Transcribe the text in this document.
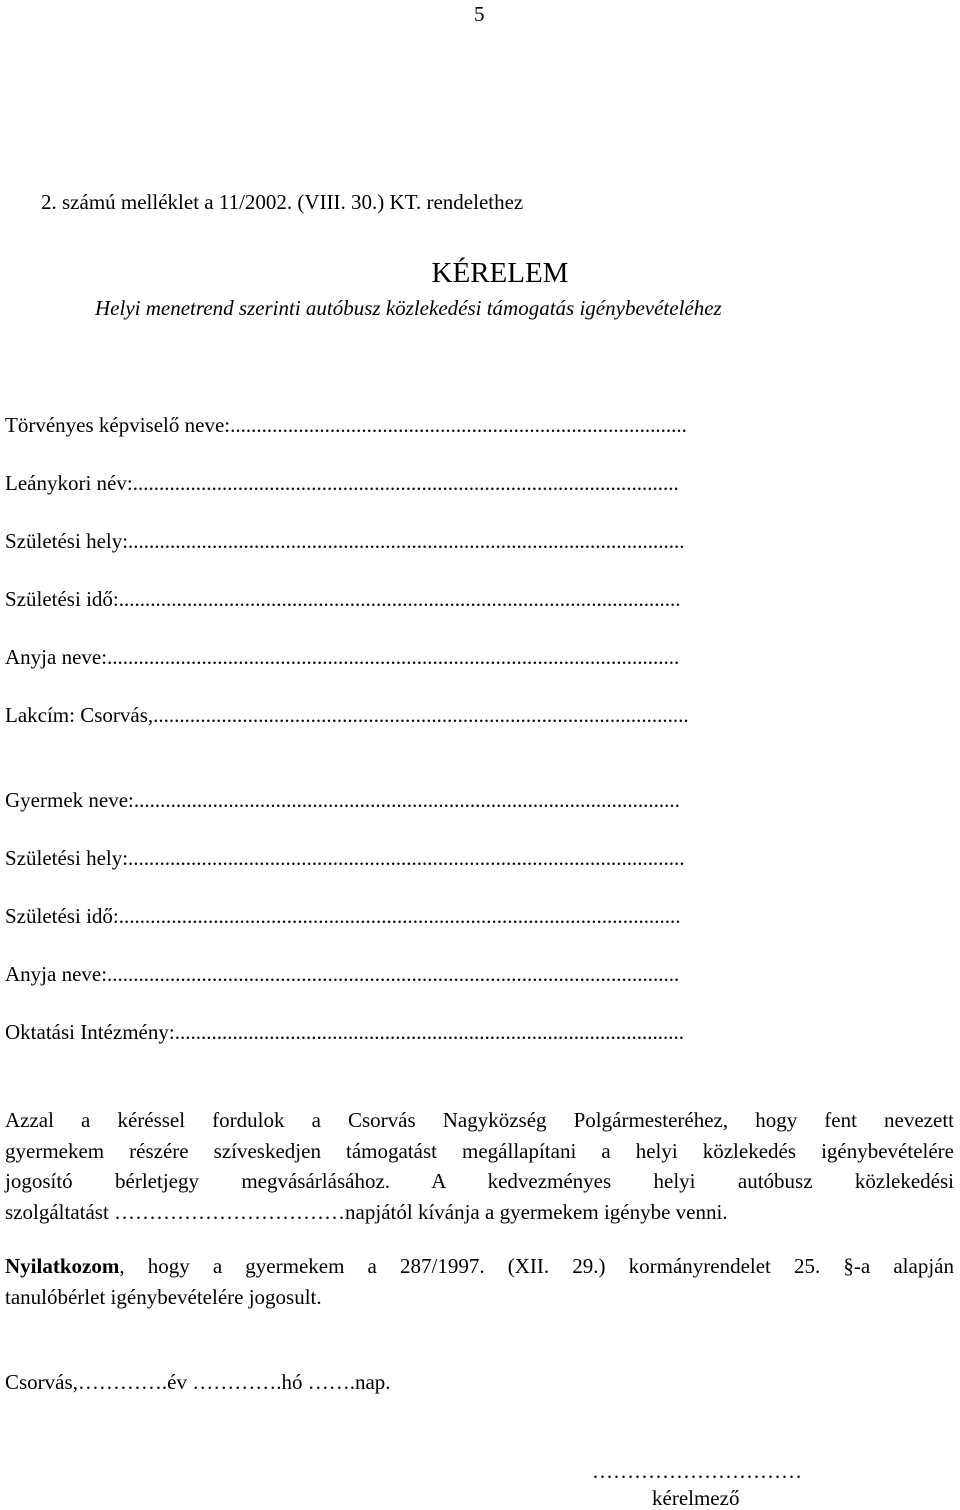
5
2. számú melléklet a 11/2002. (VIII. 30.) KT. rendelethez
KÉRELEM
Helyi menetrend szerinti autóbusz közlekedési támogatás igénybevételéhez
Törvényes képviselő neve:.......................................................................................
Leánykori név:........................................................................................................
Születési hely:..........................................................................................................
Születési idő:...........................................................................................................
Anyja neve:.............................................................................................................
Lakcím: Csorvás,......................................................................................................
Gyermek neve:........................................................................................................
Születési hely:..........................................................................................................
Születési idő:...........................................................................................................
Anyja neve:.............................................................................................................
Oktatási Intézmény:.................................................................................................
Azzal a kéréssel fordulok a Csorvás Nagyközség Polgármesteréhez, hogy fent nevezett
gyermekem részére szíveskedjen támogatást megállapítani a helyi közlekedés igénybevételére
jogosító bérletjegy megvásárlásához. A kedvezményes helyi autóbusz közlekedési
szolgáltatást ……………………………napjától kívánja a gyermekem igénybe venni.
Nyilatkozom, hogy a gyermekem a 287/1997. (XII. 29.) kormányrendelet 25. §-a alapján
tanulóbérlet igénybevételére jogosult.
Csorvás,………….év ………….hó …….nap.
…………………………
kérelmező
